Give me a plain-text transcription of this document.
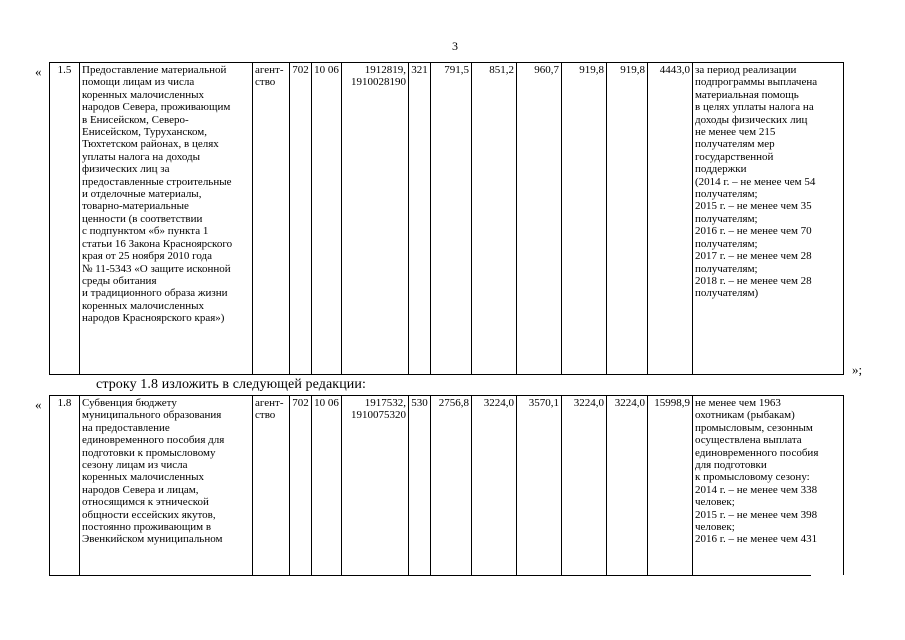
3
« 1.5	Предоставление материальной
помощи лицам из числа
коренных малочисленных
народов Севера, проживающим
в Енисейском, Северо-
Енисейском, Туруханском,
Тюхтетском районах, в целях
уплаты налога на доходы
физических лиц за
предоставленные строительные
и отделочные материалы,
товарно-материальные
ценности (в соответствии
с подпунктом «б» пункта 1
статьи 16 Закона Красноярского
края от 25 ноября 2010 года
№ 11-5343 «О защите исконной
среды обитания
и традиционного образа жизни
коренных малочисленных
народов Красноярского края»)	агент-
ство	702	10 06	1912819,
1910028190	321	791,5	851,2	960,7	919,8	919,8	4443,0	за период реализации
подпрограммы выплачена
материальная помощь
в целях уплаты налога на
доходы физических лиц
не менее чем 215
получателям мер
государственной
поддержки
(2014 г. – не менее чем 54
получателям;
2015 г. – не менее чем 35
получателям;
2016 г. – не менее чем 70
получателям;
2017 г. – не менее чем 28
получателям;
2018 г. – не менее чем 28
получателям)
»;
строку 1.8 изложить в следующей редакции:
« 1.8	Субвенция бюджету
муниципального образования
на предоставление
единовременного пособия для
подготовки к промысловому
сезону лицам из числа
коренных малочисленных
народов Севера и лицам,
относящимся к этнической
общности ессейских якутов,
постоянно проживающим в
Эвенкийском муниципальном	агент-
ство	702	10 06	1917532,
1910075320	530	2756,8	3224,0	3570,1	3224,0	3224,0	15998,9	не менее чем 1963
охотникам (рыбакам)
промысловым, сезонным
осуществлена выплата
единовременного пособия
для подготовки
к промысловому сезону:
2014 г. – не менее чем 338
человек;
2015 г. – не менее чем 398
человек;
2016 г. – не менее чем 431
